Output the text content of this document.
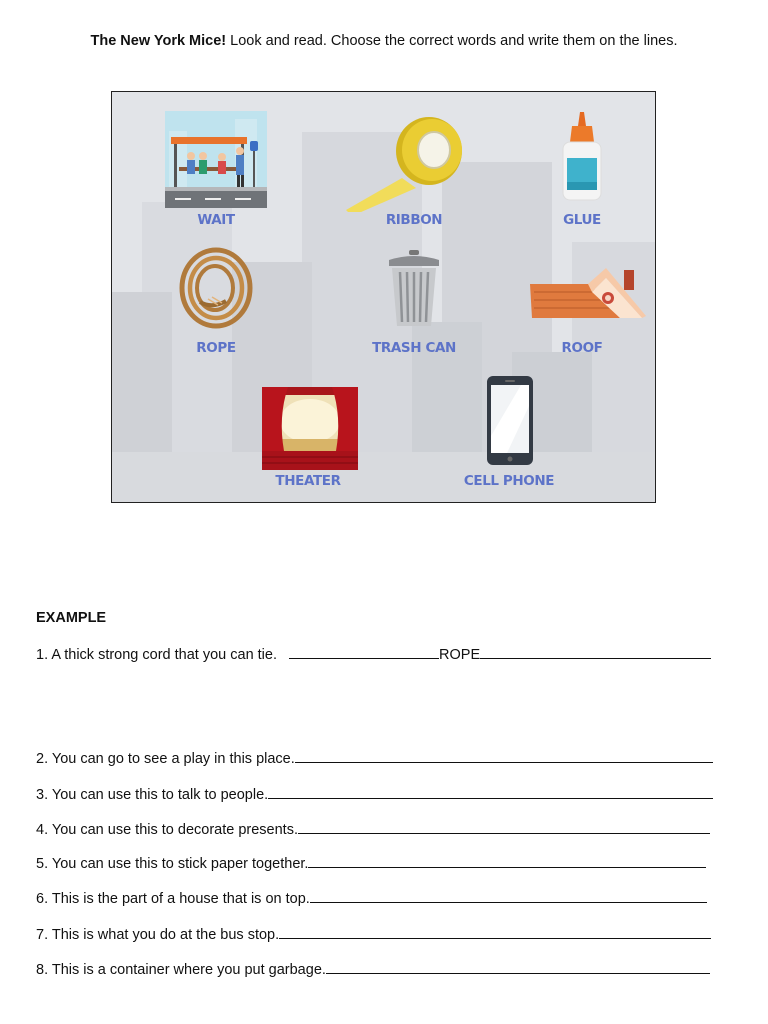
The New York Mice! Look and read. Choose the correct words and write them on the lines.
WAIT	RIBBON	GLUE
ROPE	TRASH CAN	ROOF
THEATER	CELL PHONE
EXAMPLE
1. A thick strong cord that you can tie.	ROPE
2. You can go to see a play in this place.
3. You can use this to talk to people.
4. You can use this to decorate presents.
5. You can use this to stick paper together.
6. This is the part of a house that is on top.
7. This is what you do at the bus stop.
8. This is a container where you put garbage.
